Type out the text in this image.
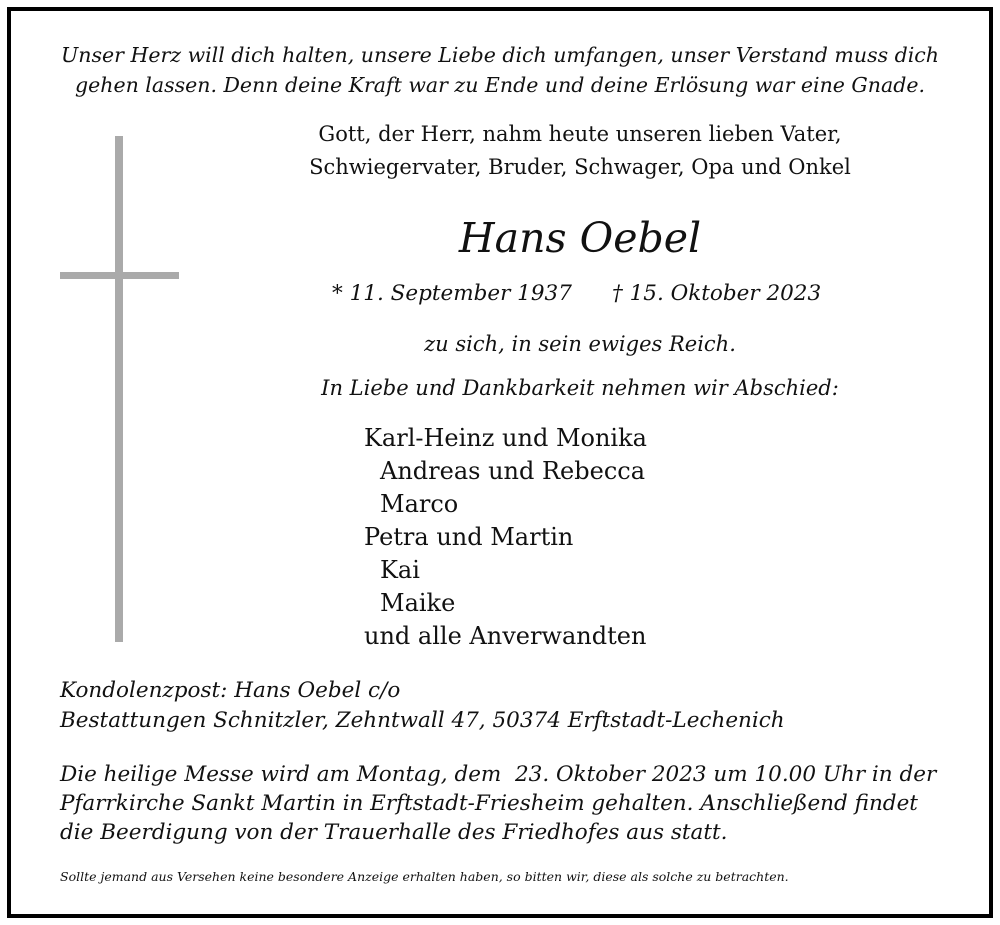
Unser Herz will dich halten, unsere Liebe dich umfangen, unser Verstand muss dich
gehen lassen. Denn deine Kraft war zu Ende und deine Erlösung war eine Gnade.
Gott, der Herr, nahm heute unseren lieben Vater,
Schwiegervater, Bruder, Schwager, Opa und Onkel
Hans Oebel
* 11. September 1937 † 15. Oktober 2023
zu sich, in sein ewiges Reich.
In Liebe und Dankbarkeit nehmen wir Abschied:
Karl-Heinz und Monika
Andreas und Rebecca
Marco
Petra und Martin
Kai
Maike
und alle Anverwandten
Kondolenzpost: Hans Oebel c/o
Bestattungen Schnitzler, Zehntwall 47, 50374 Erftstadt-Lechenich
Die heilige Messe wird am Montag, dem  23. Oktober 2023 um 10.00 Uhr in der
Pfarrkirche Sankt Martin in Erftstadt-Friesheim gehalten. Anschließend findet
die Beerdigung von der Trauerhalle des Friedhofes aus statt.
Sollte jemand aus Versehen keine besondere Anzeige erhalten haben, so bitten wir, diese als solche zu betrachten.
